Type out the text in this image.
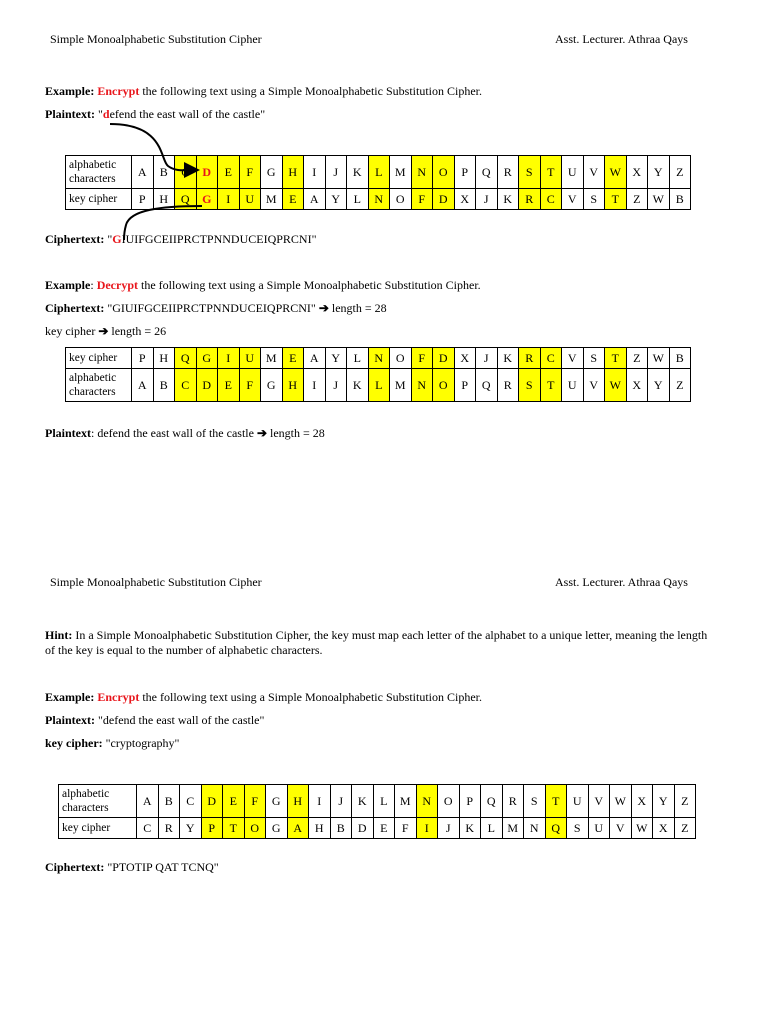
Simple Monoalphabetic Substitution Cipher	Asst. Lecturer. Athraa Qays
Example: Encrypt the following text using a Simple Monoalphabetic Substitution Cipher.
Plaintext: "defend the east wall of the castle"
alphabetic
characters	A	B	C	D	E	F	G	H	I	J	K	L	M	N	O	P	Q	R	S	T	U	V	W	X	Y	Z
key cipher	P	H	Q	G	I	U	M	E	A	Y	L	N	O	F	D	X	J	K	R	C	V	S	T	Z	W	B
Ciphertext: "GIUIFGCEIIPRCTPNNDUCEIQPRCNI"
Example: Decrypt the following text using a Simple Monoalphabetic Substitution Cipher.
Ciphertext: "GIUIFGCEIIPRCTPNNDUCEIQPRCNI" ➔ length = 28
key cipher ➔ length = 26
key cipher	P	H	Q	G	I	U	M	E	A	Y	L	N	O	F	D	X	J	K	R	C	V	S	T	Z	W	B
alphabetic
characters	A	B	C	D	E	F	G	H	I	J	K	L	M	N	O	P	Q	R	S	T	U	V	W	X	Y	Z
Plaintext: defend the east wall of the castle ➔ length = 28
Simple Monoalphabetic Substitution Cipher	Asst. Lecturer. Athraa Qays
Hint: In a Simple Monoalphabetic Substitution Cipher, the key must map each letter of the alphabet to a unique letter, meaning the length of the key is equal to the number of alphabetic characters.
Example: Encrypt the following text using a Simple Monoalphabetic Substitution Cipher.
Plaintext: "defend the east wall of the castle"
key cipher: "cryptography"
alphabetic
characters	A	B	C	D	E	F	G	H	I	J	K	L	M	N	O	P	Q	R	S	T	U	V	W	X	Y	Z
key cipher	C	R	Y	P	T	O	G	A	H	B	D	E	F	I	J	K	L	M	N	Q	S	U	V	W	X	Z
Ciphertext: "PTOTIP QAT TCNQ"
